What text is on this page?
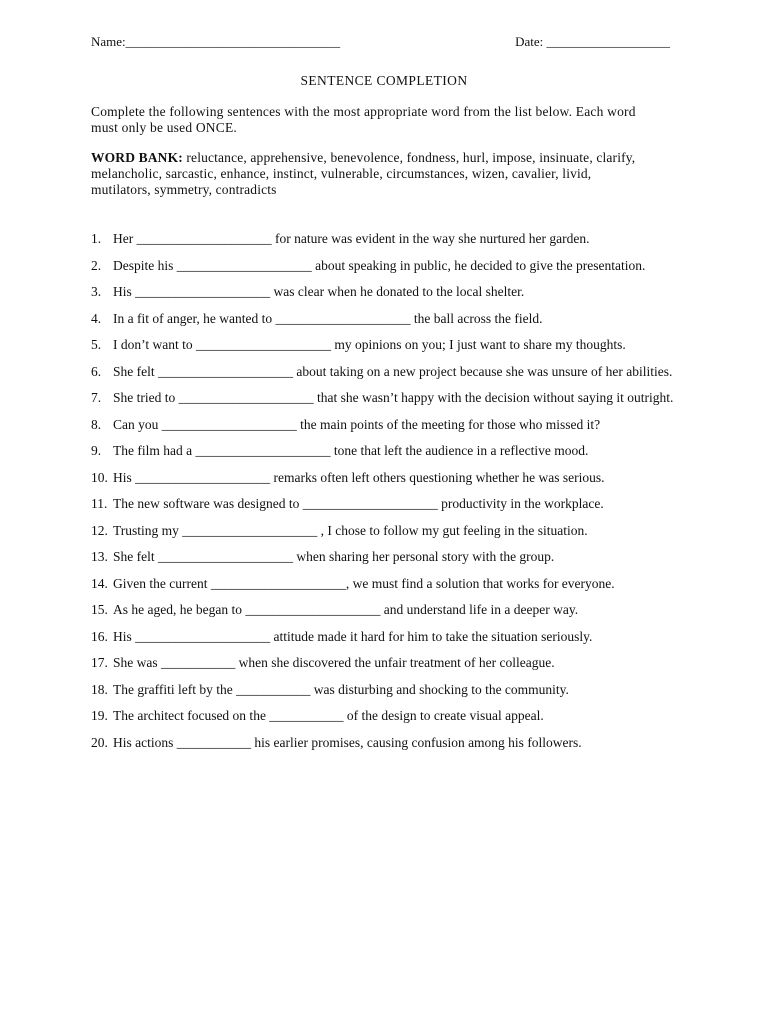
Name:_________________________________	Date: ___________________
SENTENCE COMPLETION
Complete the following sentences with the most appropriate word from the list below. Each word must only be used ONCE.
WORD BANK: reluctance, apprehensive, benevolence, fondness, hurl, impose, insinuate, clarify, melancholic, sarcastic, enhance, instinct, vulnerable, circumstances, wizen, cavalier, livid, mutilators, symmetry, contradicts
1. Her ____________________ for nature was evident in the way she nurtured her garden.
2. Despite his ____________________ about speaking in public, he decided to give the presentation.
3. His ____________________ was clear when he donated to the local shelter.
4. In a fit of anger, he wanted to ____________________ the ball across the field.
5. I don’t want to ____________________ my opinions on you; I just want to share my thoughts.
6. She felt ____________________ about taking on a new project because she was unsure of her abilities.
7. She tried to ____________________ that she wasn’t happy with the decision without saying it outright.
8. Can you ____________________ the main points of the meeting for those who missed it?
9. The film had a ____________________ tone that left the audience in a reflective mood.
10. His ____________________ remarks often left others questioning whether he was serious.
11. The new software was designed to ____________________ productivity in the workplace.
12. Trusting my ____________________ , I chose to follow my gut feeling in the situation.
13. She felt ____________________ when sharing her personal story with the group.
14. Given the current ____________________, we must find a solution that works for everyone.
15. As he aged, he began to ____________________ and understand life in a deeper way.
16. His ____________________ attitude made it hard for him to take the situation seriously.
17. She was ___________ when she discovered the unfair treatment of her colleague.
18. The graffiti left by the ___________ was disturbing and shocking to the community.
19. The architect focused on the ___________ of the design to create visual appeal.
20. His actions ___________ his earlier promises, causing confusion among his followers.
